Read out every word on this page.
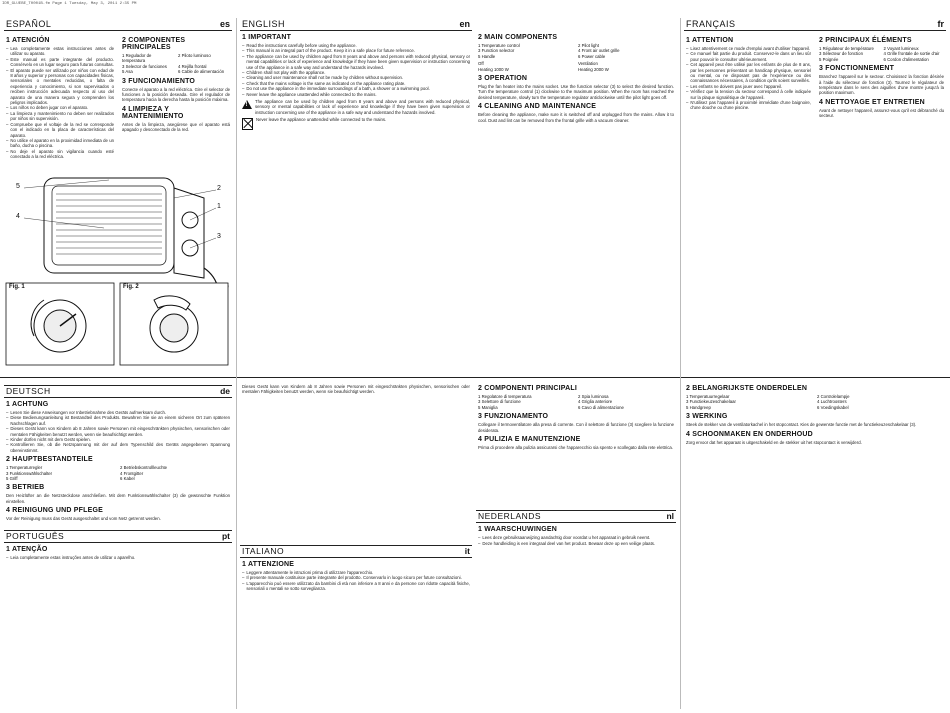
IDR_GLUEBE_T0001B.fm Page 1 Tuesday, May 3, 2011 2:35 PM
ESPAÑOL	es
1 ATENCIÓN
– Lea completamente estas instrucciones antes de utilizar su aparato.
– Este manual es parte integrante del producto. Consérvelo en un lugar seguro para futuras consultas.
– El aparato puede ser utilizado por niños con edad de 8 años y superior y personas con capacidades físicas, sensoriales o mentales reducidas, o falta de experiencia y conocimiento, si son supervisados o reciben instrucción adecuada respecto al uso del aparato de una manera segura y comprenden los peligros implicados.
– Los niños no deben jugar con el aparato.
– La limpieza y mantenimiento no deben ser realizados por niños sin supervisión.
– Compruebe que el voltaje de la red se corresponde con el indicado en la placa de características del aparato.
– No utilice el aparato en la proximidad inmediata de un baño, ducha o piscina.
– No deje el aparato sin vigilancia cuando esté conectado a la red eléctrica.
2 COMPONENTES PRINCIPALES
1 Regulador de temperatura
2 Piloto luminoso
3 Selector de funciones	4 Rejilla frontal
5 Asa	6 Cable de alimentación
3 FUNCIONAMIENTO
Conecte el aparato a la red eléctrica. Gire el selector de funciones a la posición deseada. Gire el regulador de temperatura hacia la derecha hasta la posición máxima.
4 LIMPIEZA Y MANTENIMIENTO
Antes de la limpieza, asegúrese que el aparato está apagado y desconectado de la red.
1
2
3
4
5
Fig. 1	Fig. 2
ENGLISH	en
1 IMPORTANT
– Read the instructions carefully before using the appliance.
– This manual is an integral part of the product. Keep it in a safe place for future reference.
– The appliance can be used by children aged from 8 years and above and persons with reduced physical, sensory or mental capabilities or lack of experience and knowledge if they have been given supervision or instruction concerning use of the appliance in a safe way and understand the hazards involved.
– Children shall not play with the appliance.
– Cleaning and user maintenance shall not be made by children without supervision.
– Check that the mains voltage is the same as indicated on the appliance rating plate.
– Do not use the appliance in the immediate surroundings of a bath, a shower or a swimming pool.
– Never leave the appliance unattended while connected to the mains.
!
The appliance can be used by children aged from 8 years and above and persons with reduced physical, sensory or mental capabilities or lack of experience and knowledge if they have been given supervision or instruction concerning use of the appliance in a safe way and understand the hazards involved.
Never leave the appliance unattended while connected to the mains.
2 MAIN COMPONENTS
1 Temperature control	2 Pilot light
3 Function selector	4 Front air outlet grille
5 Handle	6 Power cable
Off	Ventilation
Heating 1000 W	Heating 2000 W
3 OPERATION
Plug the fan heater into the mains socket. Use the function selector (3) to select the desired function. Turn the temperature control (1) clockwise to the maximum position. When the room has reached the desired temperature, slowly turn the temperature regulator anticlockwise until the pilot light goes off.
4 CLEANING AND MAINTENANCE
Before cleaning the appliance, make sure it is switched off and unplugged from the mains. Allow it to cool. Dust and lint can be removed from the frontal grille with a vacuum cleaner.
FRANÇAIS	fr
1 ATTENTION
– Lisez attentivement ce mode d'emploi avant d'utiliser l'appareil.
– Ce manuel fait partie du produit. Conservez-le dans un lieu sûr pour pouvoir le consulter ultérieurement.
– Cet appareil peut être utilisé par les enfants de plus de 8 ans, par les personnes présentant un handicap physique, sensoriel ou mental, ou ne disposant pas de l'expérience ou des connaissances nécessaires, à condition qu'ils soient surveillés.
– Les enfants ne doivent pas jouer avec l'appareil.
– Vérifiez que la tension du secteur correspond à celle indiquée sur la plaque signalétique de l'appareil.
– N'utilisez pas l'appareil à proximité immédiate d'une baignoire, d'une douche ou d'une piscine.
2 PRINCIPAUX ÉLÉMENTS
1 Régulateur de température	2 Voyant lumineux
3 Sélecteur de fonction	4 Grille frontale de sortie d'air
5 Poignée	6 Cordon d'alimentation
3 FONCTIONNEMENT
Branchez l'appareil sur le secteur. Choisissez la fonction désirée à l'aide du sélecteur de fonction (3). Tournez le régulateur de température dans le sens des aiguilles d'une montre jusqu'à la position maximum.
4 NETTOYAGE ET ENTRETIEN
Avant de nettoyer l'appareil, assurez-vous qu'il est débranché du secteur.
DEUTSCH	de
1 ACHTUNG
– Lesen Sie diese Anweisungen vor Inbetriebnahme des Geräts aufmerksam durch.
– Diese Bedienungsanleitung ist Bestandteil des Produkts. Bewahren Sie sie an einem sicheren Ort zum späteren Nachschlagen auf.
– Dieses Gerät kann von Kindern ab 8 Jahren sowie Personen mit eingeschränkten physischen, sensorischen oder mentalen Fähigkeiten benutzt werden, wenn sie beaufsichtigt werden.
– Kinder dürfen nicht mit dem Gerät spielen.
– Kontrollieren Sie, ob die Netzspannung mit der auf dem Typenschild des Geräts angegebenen Spannung übereinstimmt.
2 HAUPTBESTANDTEILE
1 Temperaturregler	2 Betriebskontrollleuchte
3 Funktionswählschalter	4 Frontgitter
5 Griff	6 Kabel
3 BETRIEB
Den Heizlüfter an die Netzsteckdose anschließen. Mit dem Funktionswählschalter (3) die gewünschte Funktion einstellen.
4 REINIGUNG UND PFLEGE
Vor der Reinigung muss das Gerät ausgeschaltet und vom Netz getrennt werden.
PORTUGUÊS	pt
1 ATENÇÃO
– Leia completamente estas instruções antes de utilizar o aparelho.
Dieses Gerät kann von Kindern ab 8 Jahren sowie Personen mit eingeschränkten physischen, sensorischen oder mentalen Fähigkeiten benutzt werden, wenn sie beaufsichtigt werden.
ITALIANO	it
1 ATTENZIONE
– Leggere attentamente le istruzioni prima di utilizzare l'apparecchio.
– Il presente manuale costituisce parte integrante del prodotto. Conservarlo in luogo sicuro per future consultazioni.
– L'apparecchio può essere utilizzato da bambini di età non inferiore a 8 anni e da persone con ridotte capacità fisiche, sensoriali o mentali se sotto sorveglianza.
2 COMPONENTI PRINCIPALI
1 Regolatore di temperatura	2 Spia luminosa
3 Selettore di funzione	4 Griglia anteriore
5 Maniglia	6 Cavo di alimentazione
3 FUNZIONAMENTO
Collegare il termoventilatore alla presa di corrente. Con il selettore di funzione (3) scegliere la funzione desiderata.
4 PULIZIA E MANUTENZIONE
Prima di procedere alla pulizia assicurarsi che l'apparecchio sia spento e scollegato dalla rete elettrica.
NEDERLANDS	nl
1 WAARSCHUWINGEN
– Lees deze gebruiksaanwijzing aandachtig door voordat u het apparaat in gebruik neemt.
– Deze handleiding is een integraal deel van het product. Bewaar deze op een veilige plaats.
2 BELANGRIJKSTE ONDERDELEN
1 Temperatuurregelaar	2 Controlelampje
3 Functiekeuzeschakelaar	4 Luchtroosters
5 Handgreep	6 Voedingskabel
3 WERKING
Steek de stekker van de ventilatorkachel in het stopcontact. Kies de gewenste functie met de functiekeuzeschakelaar (3).
4 SCHOONMAKEN EN ONDERHOUD
Zorg ervoor dat het apparaat is uitgeschakeld en de stekker uit het stopcontact is verwijderd.
